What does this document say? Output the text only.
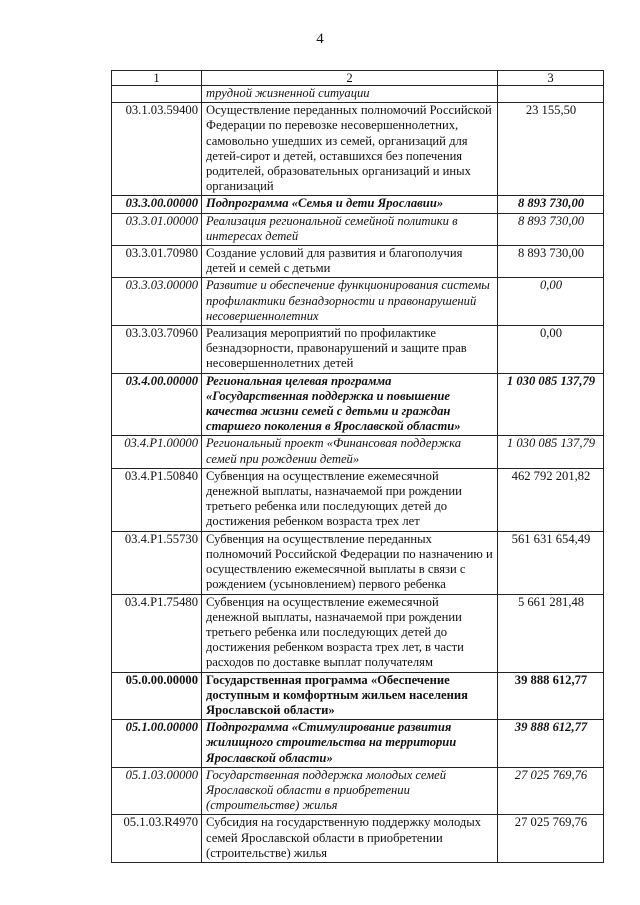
4
1	2	3
	трудной жизненной ситуации	
03.1.03.59400	Осуществление переданных полномочий Российской Федерации по перевозке несовершеннолетних, самовольно ушедших из семей, организаций для детей-сирот и детей, оставшихся без попечения родителей, образовательных организаций и иных организаций	23 155,50
03.3.00.00000	Подпрограмма «Семья и дети Ярославии»	8 893 730,00
03.3.01.00000	Реализация региональной семейной политики в интересах детей	8 893 730,00
03.3.01.70980	Создание условий для развития и благополучия детей и семей с детьми	8 893 730,00
03.3.03.00000	Развитие и обеспечение функционирования системы профилактики безнадзорности и правонарушений несовершеннолетних	0,00
03.3.03.70960	Реализация мероприятий по профилактике безнадзорности, правонарушений и защите прав несовершеннолетних детей	0,00
03.4.00.00000	Региональная целевая программа «Государственная поддержка и повышение качества жизни семей с детьми и граждан старшего поколения в Ярославской области»	1 030 085 137,79
03.4.P1.00000	Региональный проект «Финансовая поддержка семей при рождении детей»	1 030 085 137,79
03.4.P1.50840	Субвенция на осуществление ежемесячной денежной выплаты, назначаемой при рождении третьего ребенка или последующих детей до достижения ребенком возраста трех лет	462 792 201,82
03.4.P1.55730	Субвенция на осуществление переданных полномочий Российской Федерации по назначению и осуществлению ежемесячной выплаты в связи с рождением (усыновлением) первого ребенка	561 631 654,49
03.4.P1.75480	Субвенция на осуществление ежемесячной денежной выплаты, назначаемой при рождении третьего ребенка или последующих детей до достижения ребенком возраста трех лет, в части расходов по доставке выплат получателям	5 661 281,48
05.0.00.00000	Государственная программа «Обеспечение доступным и комфортным жильем населения Ярославской области»	39 888 612,77
05.1.00.00000	Подпрограмма «Стимулирование развития жилищного строительства на территории Ярославской области»	39 888 612,77
05.1.03.00000	Государственная поддержка молодых семей Ярославской области в приобретении (строительстве) жилья	27 025 769,76
05.1.03.R4970	Субсидия на государственную поддержку молодых семей Ярославской области в приобретении (строительстве) жилья	27 025 769,76
